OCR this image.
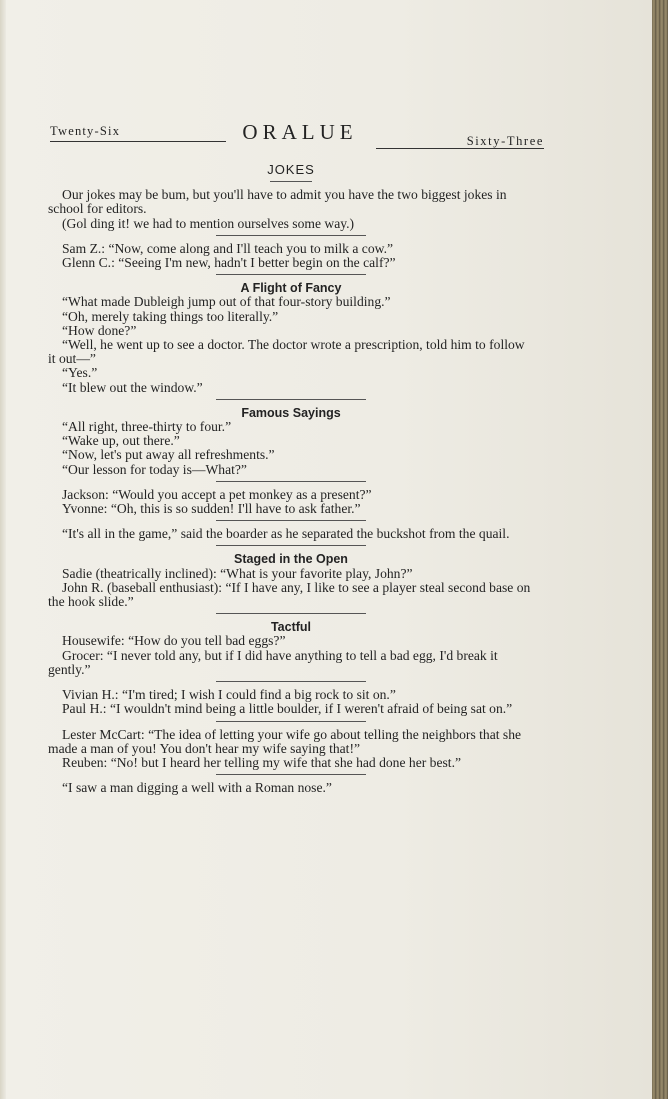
Twenty-Six	ORALUE	Sixty-Three

JOKES

Our jokes may be bum, but you'll have to admit you have the two biggest jokes in school for editors.

(Gol ding it! we had to mention ourselves some way.)

Sam Z.: “Now, come along and I'll teach you to milk a cow.”

Glenn C.: “Seeing I'm new, hadn't I better begin on the calf?”

A Flight of Fancy

“What made Dubleigh jump out of that four-story building.”

“Oh, merely taking things too literally.”

“How done?”

“Well, he went up to see a doctor. The doctor wrote a prescription, told him to follow it out—”

“Yes.”

“It blew out the window.”

Famous Sayings

“All right, three-thirty to four.”

“Wake up, out there.”

“Now, let's put away all refreshments.”

“Our lesson for today is—What?”

Jackson: “Would you accept a pet monkey as a present?”

Yvonne: “Oh, this is so sudden! I'll have to ask father.”

“It's all in the game,” said the boarder as he separated the buckshot from the quail.

Staged in the Open

Sadie (theatrically inclined): “What is your favorite play, John?”

John R. (baseball enthusiast): “If I have any, I like to see a player steal second base on the hook slide.”

Tactful

Housewife: “How do you tell bad eggs?”

Grocer: “I never told any, but if I did have anything to tell a bad egg, I'd break it gently.”

Vivian H.: “I'm tired; I wish I could find a big rock to sit on.”

Paul H.: “I wouldn't mind being a little boulder, if I weren't afraid of being sat on.”

Lester McCart: “The idea of letting your wife go about telling the neighbors that she made a man of you! You don't hear my wife saying that!”

Reuben: “No! but I heard her telling my wife that she had done her best.”

“I saw a man digging a well with a Roman nose.”
